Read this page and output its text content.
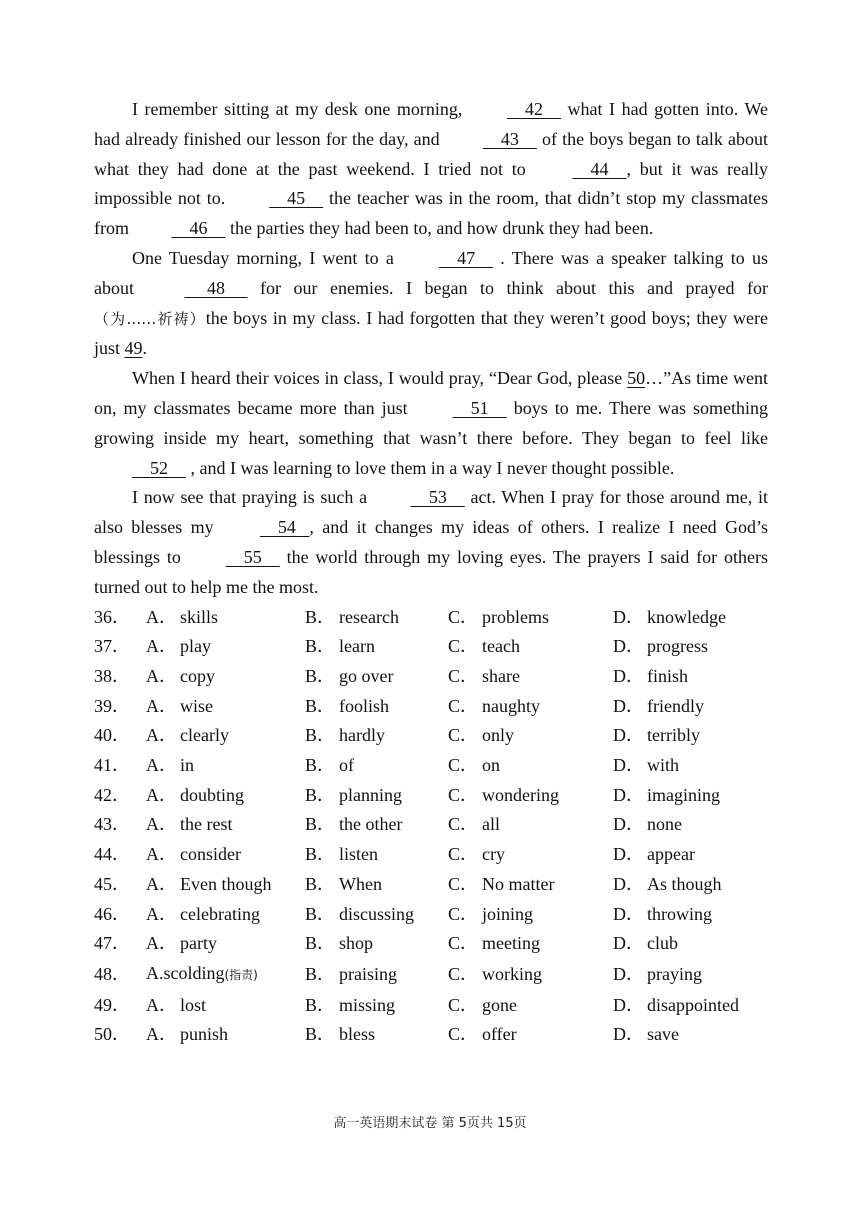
I remember sitting at my desk one morning,	42     what I had gotten into. We had already finished our lesson for the day, and	43     of the boys began to talk about what they had done at the past weekend. I tried not to	44 , but it was really impossible not to.	45     the teacher was in the room, that didn’t stop my classmates from	46     the parties they had been to, and how drunk they had been.

One Tuesday morning, I went to a	47     . There was a speaker talking to us about	48      for our enemies. I began to think about this and prayed for （为……祈祷）the boys in my class. I had forgotten that they weren’t good boys; they were just 49.

When I heard their voices in class, I would pray, “Dear God, please 50…”As time went on, my classmates became more than just	51     boys to me. There was something growing inside my heart, something that wasn’t there before. They began to feel like     52     , and I was learning to love them in a way I never thought possible.

I now see that praying is such a	53     act. When I pray for those around me, it also blesses my	54 , and it changes my ideas of others. I realize I need God’s blessings to	55     the world through my loving eyes. The prayers I said for others turned out to help me the most.

36．	A． skills	B． research	C． problems	D． knowledge
37．	A． play	B． learn	C． teach	D． progress
38．	A． copy	B． go over	C． share	D． finish
39．	A． wise	B． foolish	C． naughty	D． friendly
40．	A． clearly	B． hardly	C． only	D． terribly
41．	A． in	B． of	C． on	D． with
42．	A． doubting	B． planning	C． wondering	D． imagining
43．	A． the rest	B． the other	C． all	D． none
44．	A． consider	B． listen	C． cry	D． appear
45．	A． Even though	B． When	C． No matter	D． As though
46．	A． celebrating	B． discussing	C． joining	D． throwing
47．	A． party	B． shop	C． meeting	D． club
48．	A.scolding(指责)	B． praising	C． working	D． praying
49．	A． lost	B． missing	C． gone	D． disappointed
50．	A． punish	B． bless	C． offer	D． save
高一英语期末试卷 第 5页共 15页
